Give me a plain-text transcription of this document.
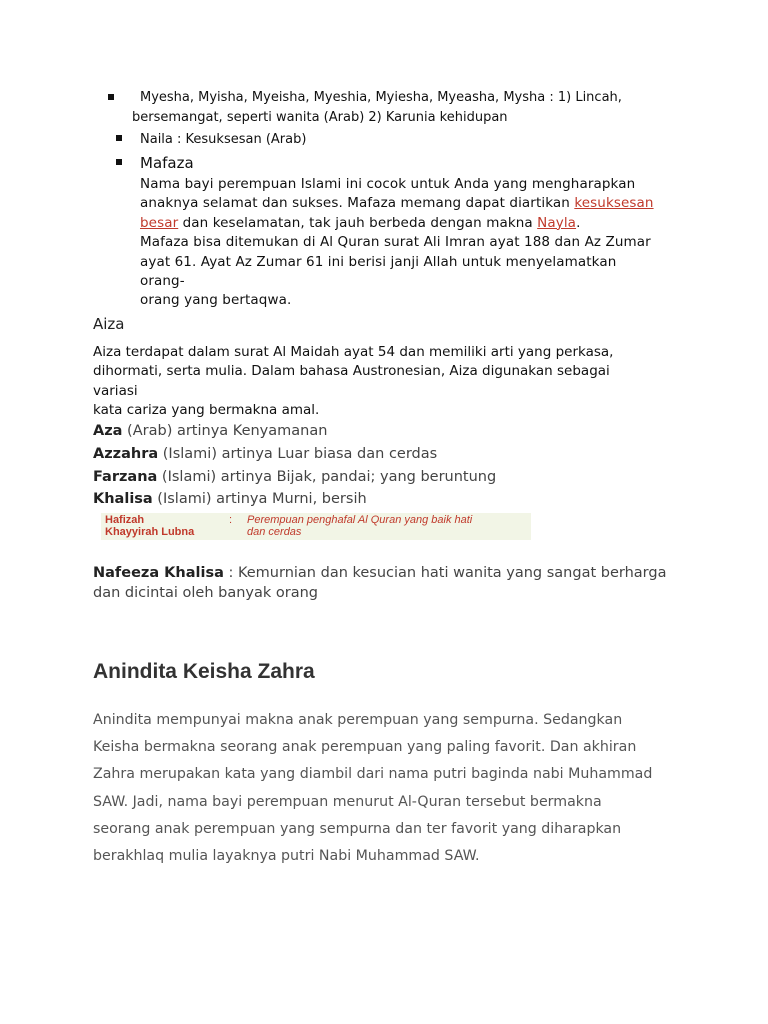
Myesha, Myisha, Myeisha, Myeshia, Myiesha, Myeasha, Mysha : 1) Lincah,
bersemangat, seperti wanita (Arab) 2) Karunia kehidupan
Naila : Kesuksesan (Arab)
Mafaza

Nama bayi perempuan Islami ini cocok untuk Anda yang mengharapkan

anaknya selamat dan sukses. Mafaza memang dapat diartikan kesuksesan

besar dan keselamatan, tak jauh berbeda dengan makna Nayla.

Mafaza bisa ditemukan di Al Quran surat Ali Imran ayat 188 dan Az Zumar

ayat 61. Ayat Az Zumar 61 ini berisi janji Allah untuk menyelamatkan orang-

orang yang bertaqwa.

Aiza
Aiza terdapat dalam surat Al Maidah ayat 54 dan memiliki arti yang perkasa,
dihormati, serta mulia. Dalam bahasa Austronesian, Aiza digunakan sebagai variasi
kata cariza yang bermakna amal.
Aza (Arab) artinya Kenyamanan
Azzahra (Islami) artinya Luar biasa dan cerdas
Farzana (Islami) artinya Bijak, pandai; yang beruntung
Khalisa (Islami) artinya Murni, bersih
Hafizah
Khayyirah Lubna
: Perempuan penghafal Al Quran yang baik hati
dan cerdas
Nafeeza Khalisa : Kemurnian dan kesucian hati wanita yang sangat berharga
dan dicintai oleh banyak orang
Anindita Keisha Zahra
Anindita mempunyai makna anak perempuan yang sempurna. Sedangkan
Keisha bermakna seorang anak perempuan yang paling favorit. Dan akhiran
Zahra merupakan kata yang diambil dari nama putri baginda nabi Muhammad
SAW. Jadi, nama bayi perempuan menurut Al-Quran tersebut bermakna
seorang anak perempuan yang sempurna dan ter favorit yang diharapkan
berakhlaq mulia layaknya putri Nabi Muhammad SAW.
